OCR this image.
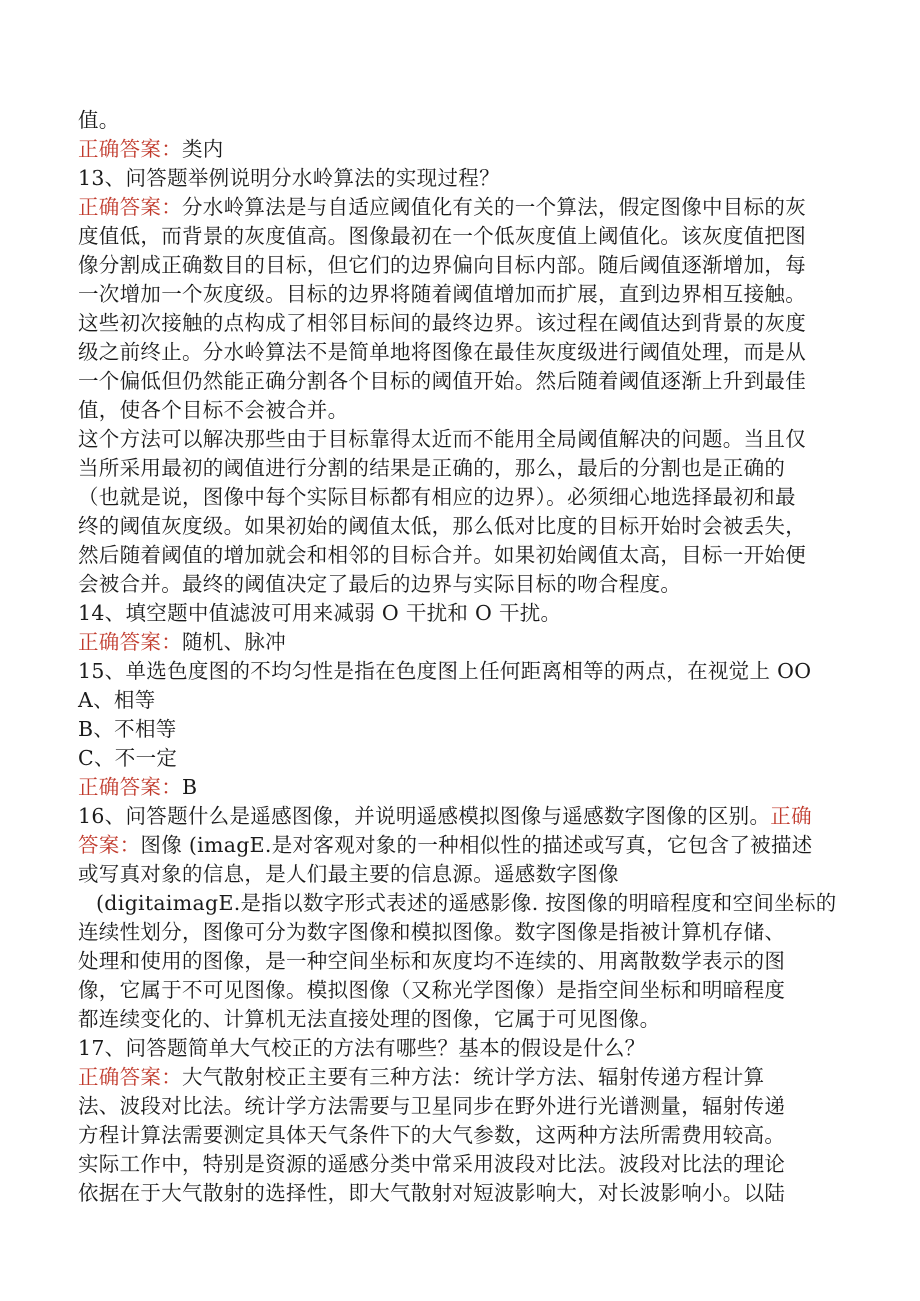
值。
正确答案：类内
13、问答题举例说明分水岭算法的实现过程？
正确答案：分水岭算法是与自适应阈值化有关的一个算法，假定图像中目标的灰
度值低，而背景的灰度值高。图像最初在一个低灰度值上阈值化。该灰度值把图
像分割成正确数目的目标，但它们的边界偏向目标内部。随后阈值逐渐增加，每
一次增加一个灰度级。目标的边界将随着阈值增加而扩展，直到边界相互接触。
这些初次接触的点构成了相邻目标间的最终边界。该过程在阈值达到背景的灰度
级之前终止。分水岭算法不是简单地将图像在最佳灰度级进行阈值处理，而是从
一个偏低但仍然能正确分割各个目标的阈值开始。然后随着阈值逐渐上升到最佳
值，使各个目标不会被合并。
这个方法可以解决那些由于目标靠得太近而不能用全局阈值解决的问题。当且仅
当所采用最初的阈值进行分割的结果是正确的，那么，最后的分割也是正确的
（也就是说，图像中每个实际目标都有相应的边界）。必须细心地选择最初和最
终的阈值灰度级。如果初始的阈值太低，那么低对比度的目标开始时会被丢失，
然后随着阈值的增加就会和相邻的目标合并。如果初始阈值太高，目标一开始便
会被合并。最终的阈值决定了最后的边界与实际目标的吻合程度。
14、填空题中值滤波可用来减弱 O 干扰和 O 干扰。
正确答案：随机、脉冲
15、单选色度图的不均匀性是指在色度图上任何距离相等的两点，在视觉上 OO
A、相等
B、不相等
C、不一定
正确答案：B
16、问答题什么是遥感图像，并说明遥感模拟图像与遥感数字图像的区别。正确
答案：图像 (imagE.是对客观对象的一种相似性的描述或写真，它包含了被描述
或写真对象的信息，是人们最主要的信息源。遥感数字图像
(digitaimagE.是指以数字形式表述的遥感影像. 按图像的明暗程度和空间坐标的
连续性划分，图像可分为数字图像和模拟图像。数字图像是指被计算机存储、
处理和使用的图像，是一种空间坐标和灰度均不连续的、用离散数学表示的图
像，它属于不可见图像。模拟图像（又称光学图像）是指空间坐标和明暗程度
都连续变化的、计算机无法直接处理的图像，它属于可见图像。
17、问答题简单大气校正的方法有哪些？基本的假设是什么？
正确答案：大气散射校正主要有三种方法：统计学方法、辐射传递方程计算
法、波段对比法。统计学方法需要与卫星同步在野外进行光谱测量，辐射传递
方程计算法需要测定具体天气条件下的大气参数，这两种方法所需费用较高。
实际工作中，特别是资源的遥感分类中常采用波段对比法。波段对比法的理论
依据在于大气散射的选择性，即大气散射对短波影响大，对长波影响小。以陆
